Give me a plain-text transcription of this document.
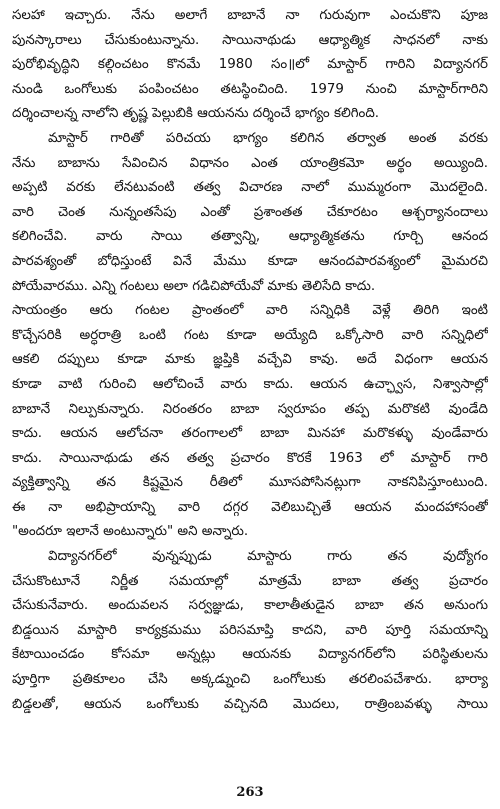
సలహా ఇచ్చారు. నేను అలాగే బాబానే నా గురువుగా ఎంచుకొని పూజ
పునస్కారాలు చేసుకుంటున్నాను. సాయినాథుడు ఆధ్యాత్మిక సాధనలో నాకు
పురోభివృద్ధిని కల్గించటం కొనమే 1980 సం॥లో మాస్టార్ గారిని విద్యానగర్
నుండి ఒంగోలుకు పంపించటం తటస్థించింది. 1979 నుంచి మాస్టార్‌గారిని
దర్శించాలన్న నాలోని తృష్ణ పెల్లుబికి ఆయనను దర్శించే భాగ్యం కలిగింది.
మాస్టార్ గారితో పరిచయ భాగ్యం కలిగిన తర్వాత అంత వరకు
నేను బాబాను సేవించిన విధానం ఎంత యాంత్రికమో అర్థం అయ్యింది.
అప్పటి వరకు లేనటువంటి తత్వ విచారణ నాలో ముమ్మరంగా మొదలైంది.
వారి చెంత నున్నంతసేపు ఎంతో ప్రశాంతత చేకూరటం ఆశ్చర్యానందాలు
కలిగించేవి. వారు సాయి తత్వాన్ని, ఆధ్యాత్మికతను గూర్చి ఆనంద
పారవశ్యంతో బోధిస్తుంటే వినే మేము కూడా ఆనందపారవశ్యంలో మైమరచి
పోయేవారము. ఎన్ని గంటలు అలా గడిచిపోయేవో మాకు తెలిసేది కాదు.
సాయంత్రం ఆరు గంటల ప్రాంతంలో వారి సన్నిధికి వెళ్లే తిరిగి ఇంటి
కొచ్చేసరికి అర్ధరాత్రి ఒంటి గంట కూడా అయ్యేది ఒక్కోసారి వారి సన్నిధిలో
ఆకలి దప్పులు కూడా మాకు జ్ఞప్తికి వచ్చేవి కావు. అదే విధంగా ఆయన
కూడా వాటి గురించి ఆలోచించే వారు కాదు. ఆయన ఉచ్ఛ్వాస, నిశ్వాసాల్లో
బాబానే నిల్పుకున్నారు. నిరంతరం బాబా స్వరూపం తప్ప మరొకటి వుండేది
కాదు. ఆయన ఆలోచనా తరంగాలలో బాబా మినహా మరొకళ్ళు వుండేవారు
కాదు. సాయినాథుడు తన తత్వ ప్రచారం కొరకే 1963 లో మాస్టార్ గారి
వ్యక్తిత్వాన్ని తన కిష్టమైన రీతిలో మూసపోసినట్లుగా నాకనిపిస్తూంటుంది.
ఈ నా అభిప్రాయాన్ని వారి దగ్గర వెలిబుచ్చితే ఆయన మందహాసంతో
"అందరూ ఇలానే అంటున్నారు" అని అన్నారు.
విద్యానగర్‌లో వున్నప్పుడు మాస్టారు గారు తన వుద్యోగం
చేసుకొంటూనే నిర్ణీత సమయాల్లో మాత్రమే బాబా తత్వ ప్రచారం
చేసుకునేవారు. అందువలన సర్వజ్ఞుడు, కాలాతీతుడైన బాబా తన అనుంగు
బిడ్డయిన మాస్టారి కార్యక్రమము పరిసమాప్తి కాదని, వారి పూర్తి సమయాన్ని
కేటాయించడం కోసమా అన్నట్లు ఆయనకు విద్యానగర్‌లోని పరిస్థితులను
పూర్తిగా ప్రతికూలం చేసి అక్కడ్నుంచి ఒంగోలుకు తరలింపచేశారు. భార్యా
బిడ్డలతో, ఆయన ఒంగోలుకు వచ్చినది మొదలు, రాత్రింబవళ్ళు సాయి
263
